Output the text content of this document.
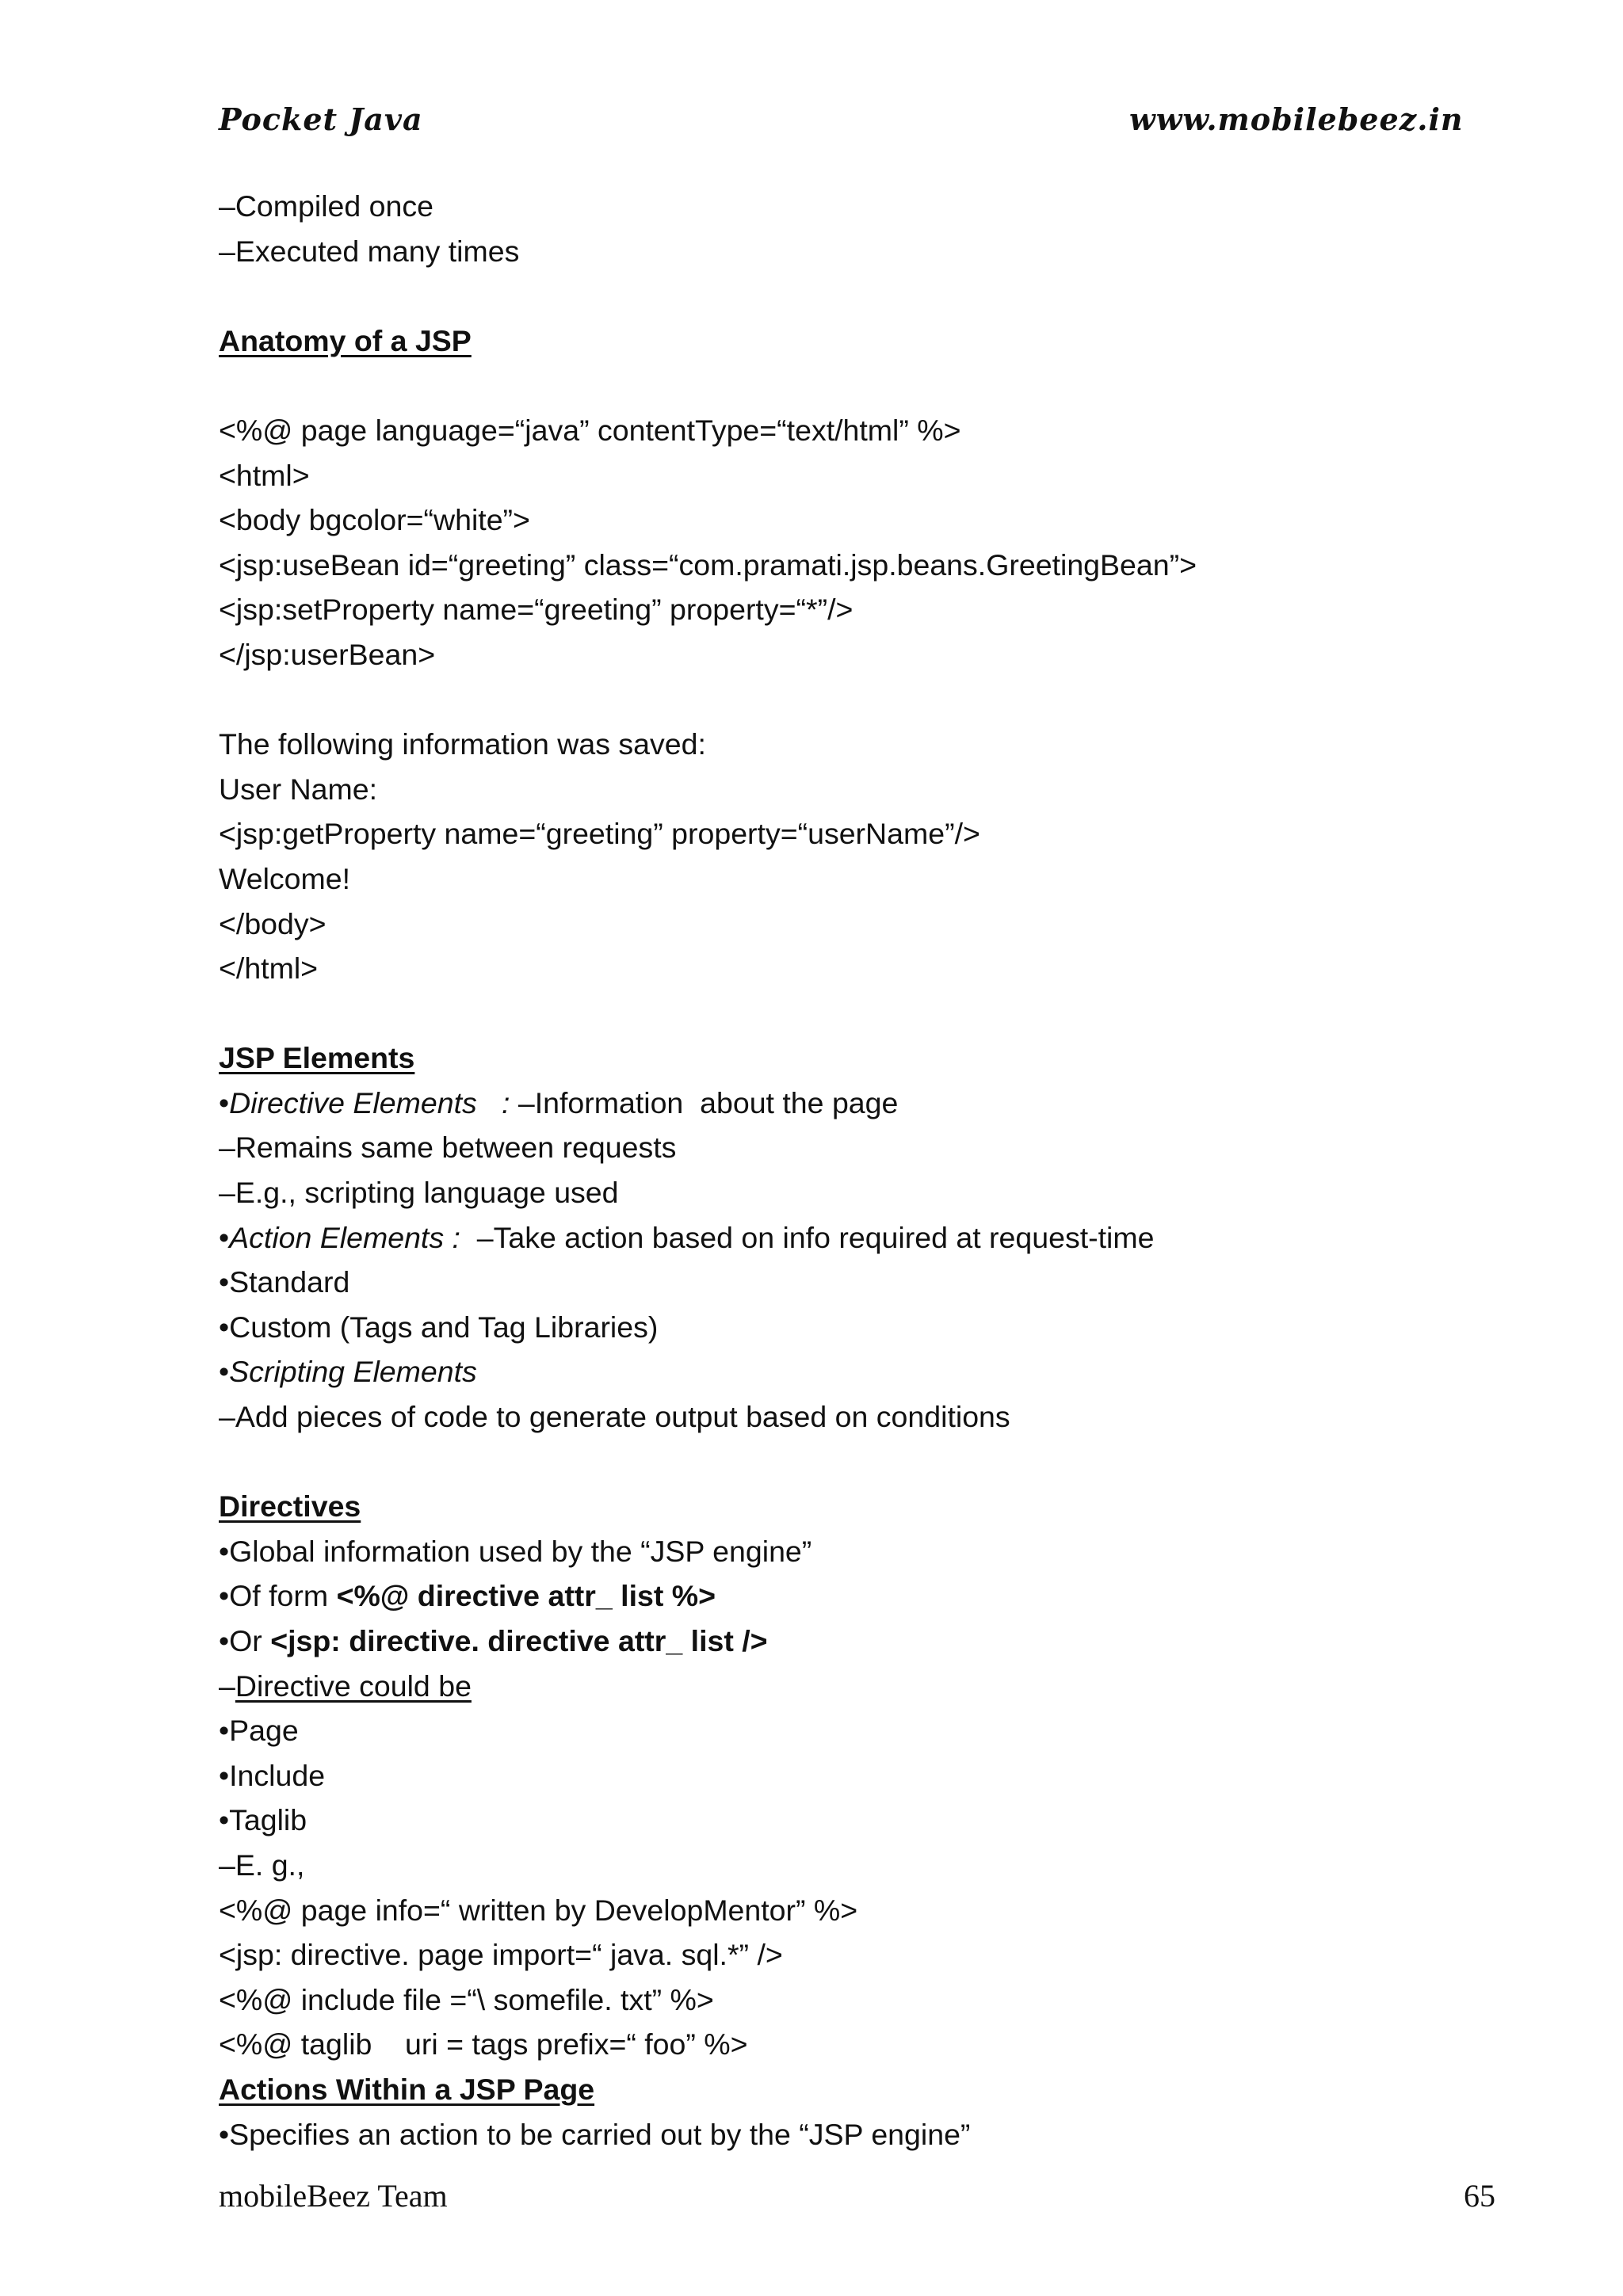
Pocket Java	www.mobilebeez.in
–Compiled once
–Executed many times
Anatomy of a JSP
<%@ page language=“java” contentType=“text/html” %>
<html>
<body bgcolor=“white”>
<jsp:useBean id=“greeting” class=“com.pramati.jsp.beans.GreetingBean”>
<jsp:setProperty name=“greeting” property=“*”/>
</jsp:userBean>
The following information was saved:
User Name:
<jsp:getProperty name=“greeting” property=“userName”/>
Welcome!
</body>
</html>
JSP Elements
•Directive Elements   : –Information  about the page
–Remains same between requests
–E.g., scripting language used
•Action Elements :  –Take action based on info required at request-time
•Standard
•Custom (Tags and Tag Libraries)
•Scripting Elements
–Add pieces of code to generate output based on conditions
Directives
•Global information used by the “JSP engine”
•Of form <%@ directive attr_ list %>
•Or <jsp: directive. directive attr_ list />
–Directive could be
•Page
•Include
•Taglib
–E. g.,
<%@ page info=“ written by DevelopMentor” %>
<jsp: directive. page import=“ java. sql.*” />
<%@ include file =“\ somefile. txt” %>
<%@ taglib    uri = tags prefix=“ foo” %>
Actions Within a JSP Page
•Specifies an action to be carried out by the “JSP engine”
mobileBeez Team	65
